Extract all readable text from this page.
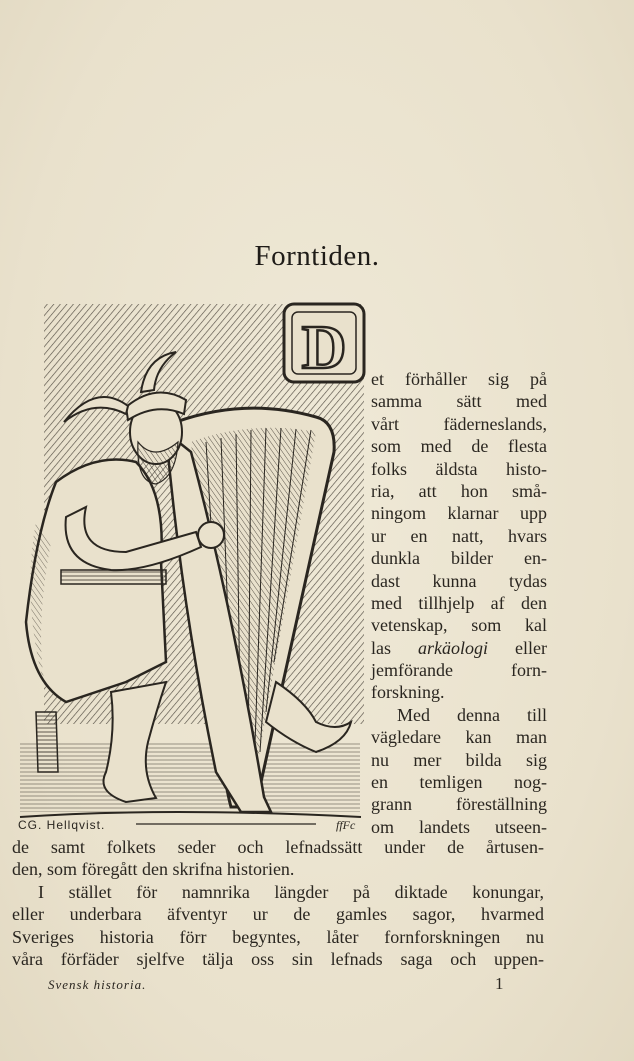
Forntiden.
D
CG. Hellqvist.	ffFc
et förhåller sig på
samma sätt med
vårt fäderneslands,
som med de flesta
folks äldsta histo-
ria, att hon små-
ningom klarnar upp
ur en natt, hvars
dunkla bilder en-
dast kunna tydas
med tillhjelp af den
vetenskap, som kal
las arkäologi eller
jemförande forn-
forskning.
Med denna till
vägledare kan man
nu mer bilda sig
en temligen nog-
grann föreställning
om landets utseen-
de samt folkets seder och lefnadssätt under de årtusen-
den, som föregått den skrifna historien.
I stället för namnrika längder på diktade konungar,
eller underbara äfventyr ur de gamles sagor, hvarmed
Sveriges historia förr begyntes, låter fornforskningen nu
våra förfäder sjelfve tälja oss sin lefnads saga och uppen-
Svensk historia.	1
